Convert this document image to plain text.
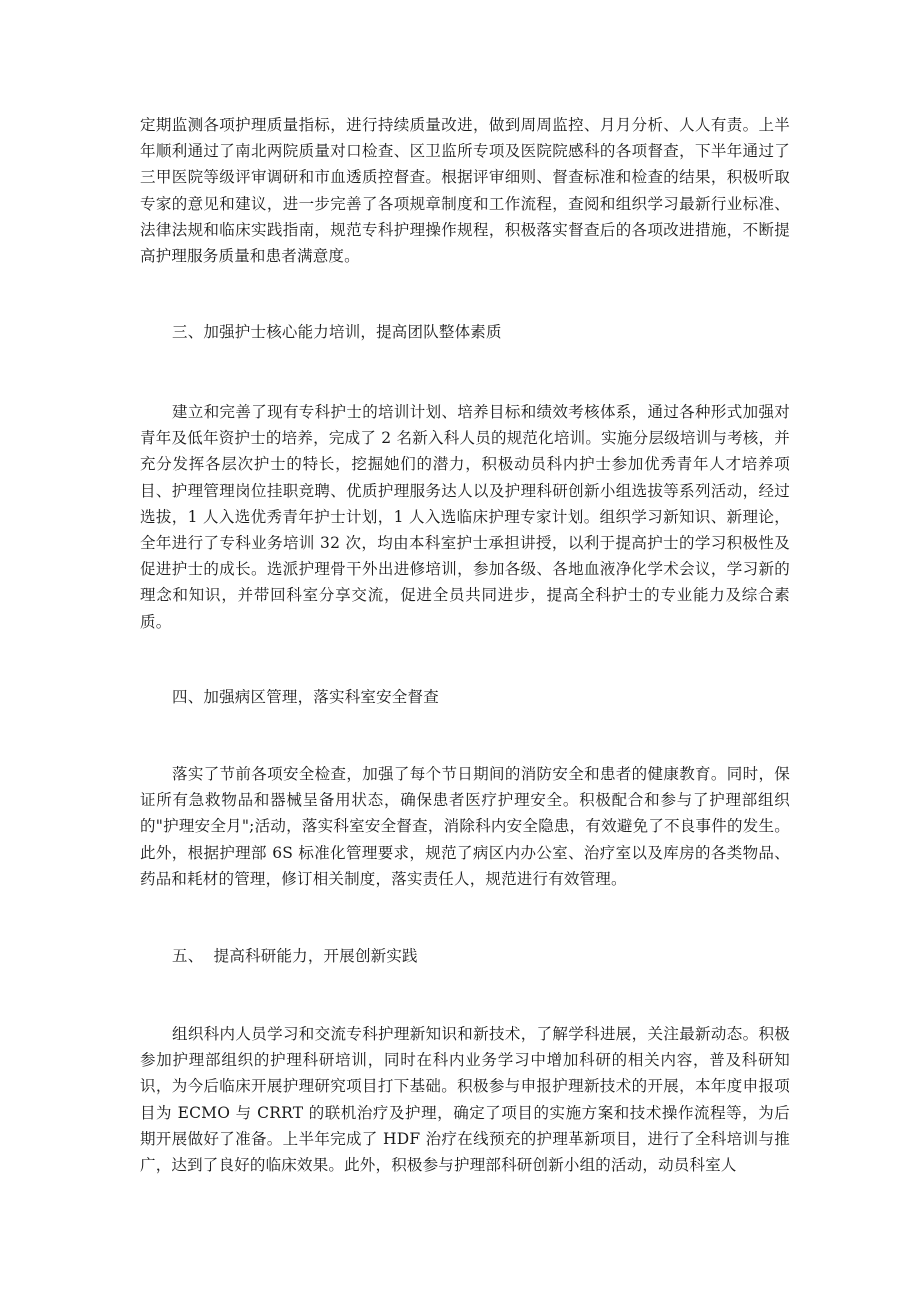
定期监测各项护理质量指标，进行持续质量改进，做到周周监控、月月分析、人人有责。上半年顺利通过了南北两院质量对口检查、区卫监所专项及医院院感科的各项督查，下半年通过了三甲医院等级评审调研和市血透质控督查。根据评审细则、督查标准和检查的结果，积极听取专家的意见和建议，进一步完善了各项规章制度和工作流程，查阅和组织学习最新行业标准、法律法规和临床实践指南，规范专科护理操作规程，积极落实督查后的各项改进措施，不断提高护理服务质量和患者满意度。

三、加强护士核心能力培训，提高团队整体素质

建立和完善了现有专科护士的培训计划、培养目标和绩效考核体系，通过各种形式加强对青年及低年资护士的培养，完成了 2 名新入科人员的规范化培训。实施分层级培训与考核，并充分发挥各层次护士的特长，挖掘她们的潜力，积极动员科内护士参加优秀青年人才培养项目、护理管理岗位挂职竞聘、优质护理服务达人以及护理科研创新小组选拔等系列活动，经过选拔，1 人入选优秀青年护士计划，1 人入选临床护理专家计划。组织学习新知识、新理论，全年进行了专科业务培训 32 次，均由本科室护士承担讲授，以利于提高护士的学习积极性及促进护士的成长。选派护理骨干外出进修培训，参加各级、各地血液净化学术会议，学习新的理念和知识，并带回科室分享交流，促进全员共同进步，提高全科护士的专业能力及综合素质。

四、加强病区管理，落实科室安全督查

落实了节前各项安全检查，加强了每个节日期间的消防安全和患者的健康教育。同时，保证所有急救物品和器械呈备用状态，确保患者医疗护理安全。积极配合和参与了护理部组织的"护理安全月";活动，落实科室安全督查，消除科内安全隐患，有效避免了不良事件的发生。此外，根据护理部 6S 标准化管理要求，规范了病区内办公室、治疗室以及库房的各类物品、药品和耗材的管理，修订相关制度，落实责任人，规范进行有效管理。

五、  提高科研能力，开展创新实践

组织科内人员学习和交流专科护理新知识和新技术，了解学科进展，关注最新动态。积极参加护理部组织的护理科研培训，同时在科内业务学习中增加科研的相关内容，普及科研知识，为今后临床开展护理研究项目打下基础。积极参与申报护理新技术的开展，本年度申报项目为 ECMO 与 CRRT 的联机治疗及护理，确定了项目的实施方案和技术操作流程等，为后期开展做好了准备。上半年完成了 HDF 治疗在线预充的护理革新项目，进行了全科培训与推广，达到了良好的临床效果。此外，积极参与护理部科研创新小组的活动，动员科室人
